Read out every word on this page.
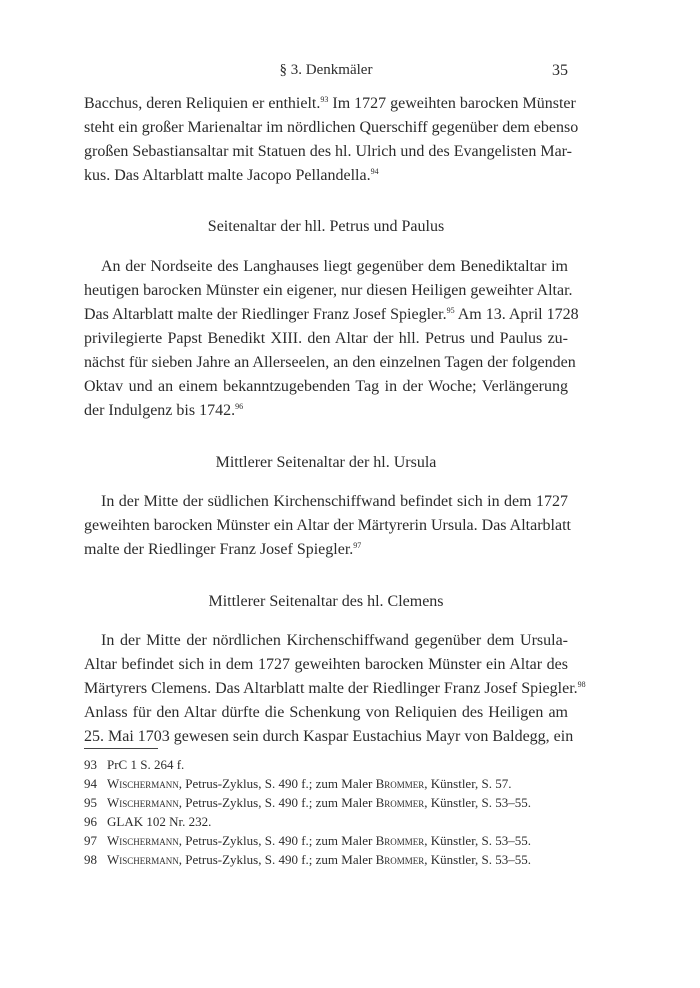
§ 3. Denkmäler	35
Bacchus, deren Reliquien er enthielt.$^{93}$ Im 1727 geweihten barocken Münster
steht ein großer Marienaltar im nördlichen Querschiff gegenüber dem ebenso
großen Sebastiansaltar mit Statuen des hl. Ulrich und des Evangelisten Mar-
kus. Das Altarblatt malte Jacopo Pellandella.$^{94}$
Seitenaltar der hll. Petrus und Paulus
An der Nordseite des Langhauses liegt gegenüber dem Benediktaltar im
heutigen barocken Münster ein eigener, nur diesen Heiligen geweihter Altar.
Das Altarblatt malte der Riedlinger Franz Josef Spiegler.$^{95}$ Am 13. April 1728
privilegierte Papst Benedikt XIII. den Altar der hll. Petrus und Paulus zu-
nächst für sieben Jahre an Allerseelen, an den einzelnen Tagen der folgenden
Oktav und an einem bekanntzugebenden Tag in der Woche; Verlängerung
der Indulgenz bis 1742.96
Mittlerer Seitenaltar der hl. Ursula
In der Mitte der südlichen Kirchenschiffwand befindet sich in dem 1727
geweihten barocken Münster ein Altar der Märtyrerin Ursula. Das Altarblatt
malte der Riedlinger Franz Josef Spiegler.$^{97}$
Mittlerer Seitenaltar des hl. Clemens
In der Mitte der nördlichen Kirchenschiffwand gegenüber dem Ursula-
Altar befindet sich in dem 1727 geweihten barocken Münster ein Altar des
Märtyrers Clemens. Das Altarblatt malte der Riedlinger Franz Josef Spiegler.$^{98}$
Anlass für den Altar dürfte die Schenkung von Reliquien des Heiligen am
25. Mai 1703 gewesen sein durch Kaspar Eustachius Mayr von Baldegg, ein
93 PrC 1 S. 264 f.
94 Wischermann, Petrus-Zyklus, S. 490 f.; zum Maler Brommer, Künstler, S. 57.
95 Wischermann, Petrus-Zyklus, S. 490 f.; zum Maler Brommer, Künstler, S. 53–55.
96 GLAK 102 Nr. 232.
97 Wischermann, Petrus-Zyklus, S. 490 f.; zum Maler Brommer, Künstler, S. 53–55.
98 Wischermann, Petrus-Zyklus, S. 490 f.; zum Maler Brommer, Künstler, S. 53–55.
